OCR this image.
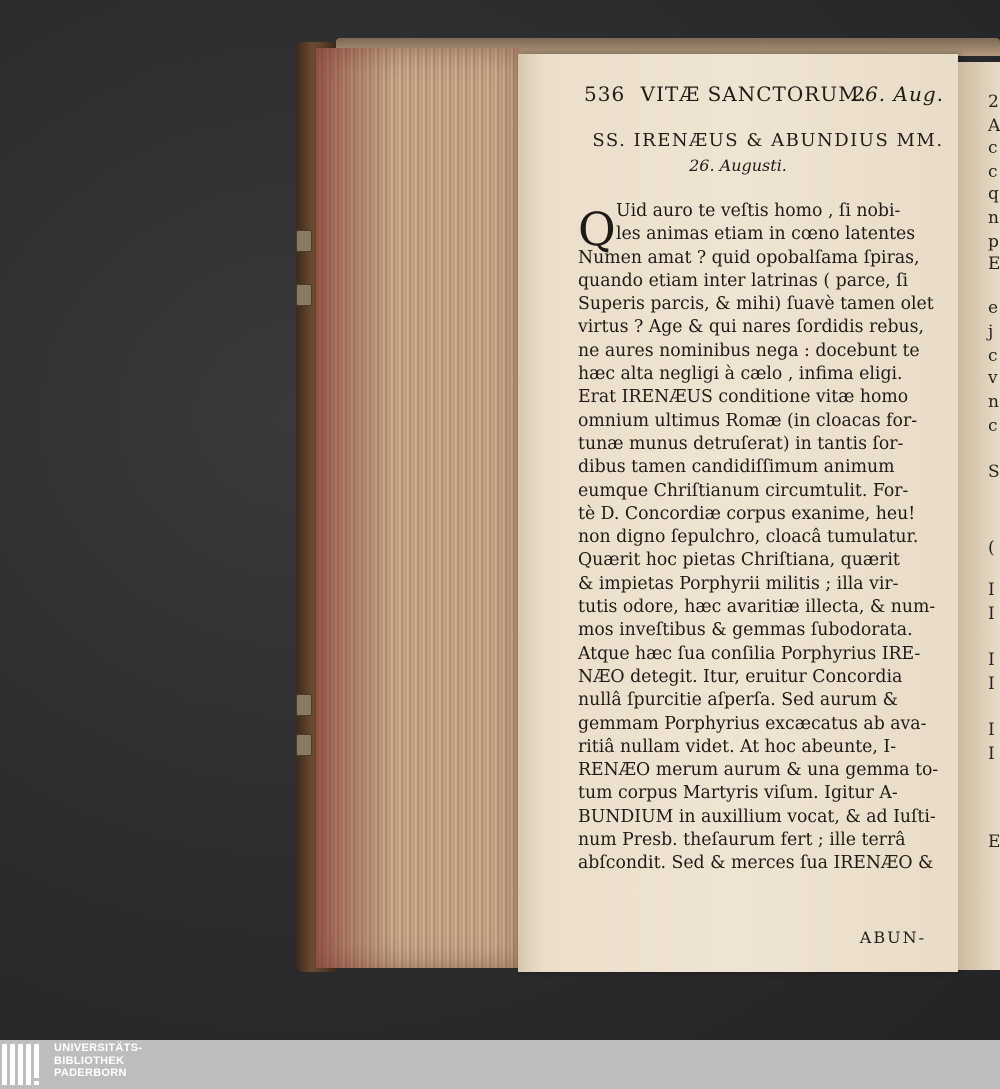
536 VITÆ SANCTORUM.
26. Aug.
SS. IRENÆUS & ABUNDIUS MM.
26. Augusti.
Q Uid auro te veſtis homo , ſi nobi-
les animas etiam in cœno latentes
Numen amat ? quid opobalſama ſpiras,
quando etiam inter latrinas ( parce, ſi
Superis parcis, & mihi) ſuavè tamen olet
virtus ? Age & qui nares ſordidis rebus,
ne aures nominibus nega : docebunt te
hæc alta negligi à cælo , infima eligi.
Erat IRENÆUS conditione vitæ homo
omnium ultimus Romæ (in cloacas for-
tunæ munus detruſerat) in tantis ſor-
dibus tamen candidiſſimum animum
eumque Chriſtianum circumtulit. For-
tè D. Concordiæ corpus exanime, heu!
non digno ſepulchro, cloacâ tumulatur.
Quærit hoc pietas Chriſtiana, quærit
& impietas Porphyrii militis ; illa vir-
tutis odore, hæc avaritiæ illecta, & num-
mos inveſtibus & gemmas ſubodorata.
Atque hæc ſua conſilia Porphyrius IRE-
NÆO detegit. Itur, eruitur Concordia
nullâ ſpurcitie aſperſa. Sed aurum &
gemmam Porphyrius excæcatus ab ava-
ritiâ nullam videt. At hoc abeunte, I-
RENÆO merum aurum & una gemma to-
tum corpus Martyris viſum. Igitur A-
BUNDIUM in auxillium vocat, & ad Iuſti-
num Presb. theſaurum fert ; ille terrâ
abſcondit. Sed & merces ſua IRENÆO &
ABUN-
2
A
c
c
q
n
p
E
e
j
c
v
n
c
S
(
I
I
I
I
I
I
E
UNIVERSITÄTS-
BIBLIOTHEK
PADERBORN
